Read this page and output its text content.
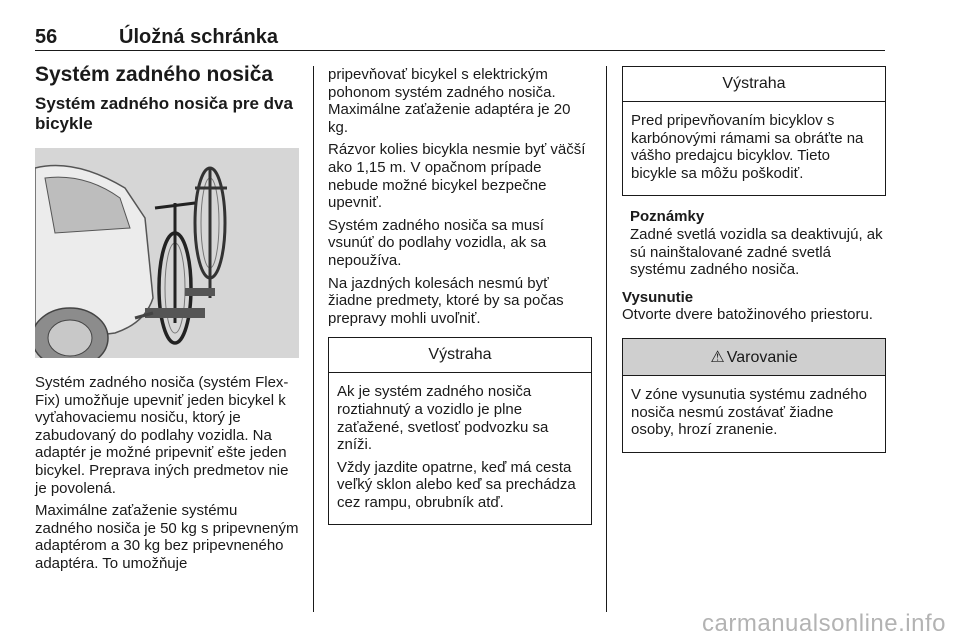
56	Úložná schránka
Systém zadného nosiča
Systém zadného nosiča pre dva bicykle

Systém zadného nosiča (systém Flex-Fix) umožňuje upevniť jeden bicykel k vyťahovaciemu nosiču, ktorý je zabudovaný do podlahy vozidla. Na adaptér je možné pripevniť ešte jeden bicykel. Preprava iných predmetov nie je povolená.

Maximálne zaťaženie systému zadného nosiča je 50 kg s pripevneným adaptérom a 30 kg bez pripevneného adaptéra. To umožňuje

pripevňovať bicykel s elektrickým pohonom systém zadného nosiča. Maximálne zaťaženie adaptéra je 20 kg.

Rázvor kolies bicykla nesmie byť väčší ako 1,15 m. V opačnom prípade nebude možné bicykel bezpečne upevniť.

Systém zadného nosiča sa musí vsunúť do podlahy vozidla, ak sa nepoužíva.

Na jazdných kolesách nesmú byť žiadne predmety, ktoré by sa počas prepravy mohli uvoľniť.

Výstraha

Ak je systém zadného nosiča roztiahnutý a vozidlo je plne zaťažené, svetlosť podvozku sa zníži.

Vždy jazdite opatrne, keď má cesta veľký sklon alebo keď sa prechádza cez rampu, obrubník atď.

Výstraha

Pred pripevňovaním bicyklov s karbónovými rámami sa obráťte na vášho predajcu bicyklov. Tieto bicykle sa môžu poškodiť.

Poznámky

Zadné svetlá vozidla sa deaktivujú, ak sú nainštalované zadné svetlá systému zadného nosiča.

Vysunutie

Otvorte dvere batožinového priestoru.

⚠ Varovanie

V zóne vysunutia systému zadného nosiča nesmú zostávať žiadne osoby, hrozí zranenie.

carmanualsonline.info
